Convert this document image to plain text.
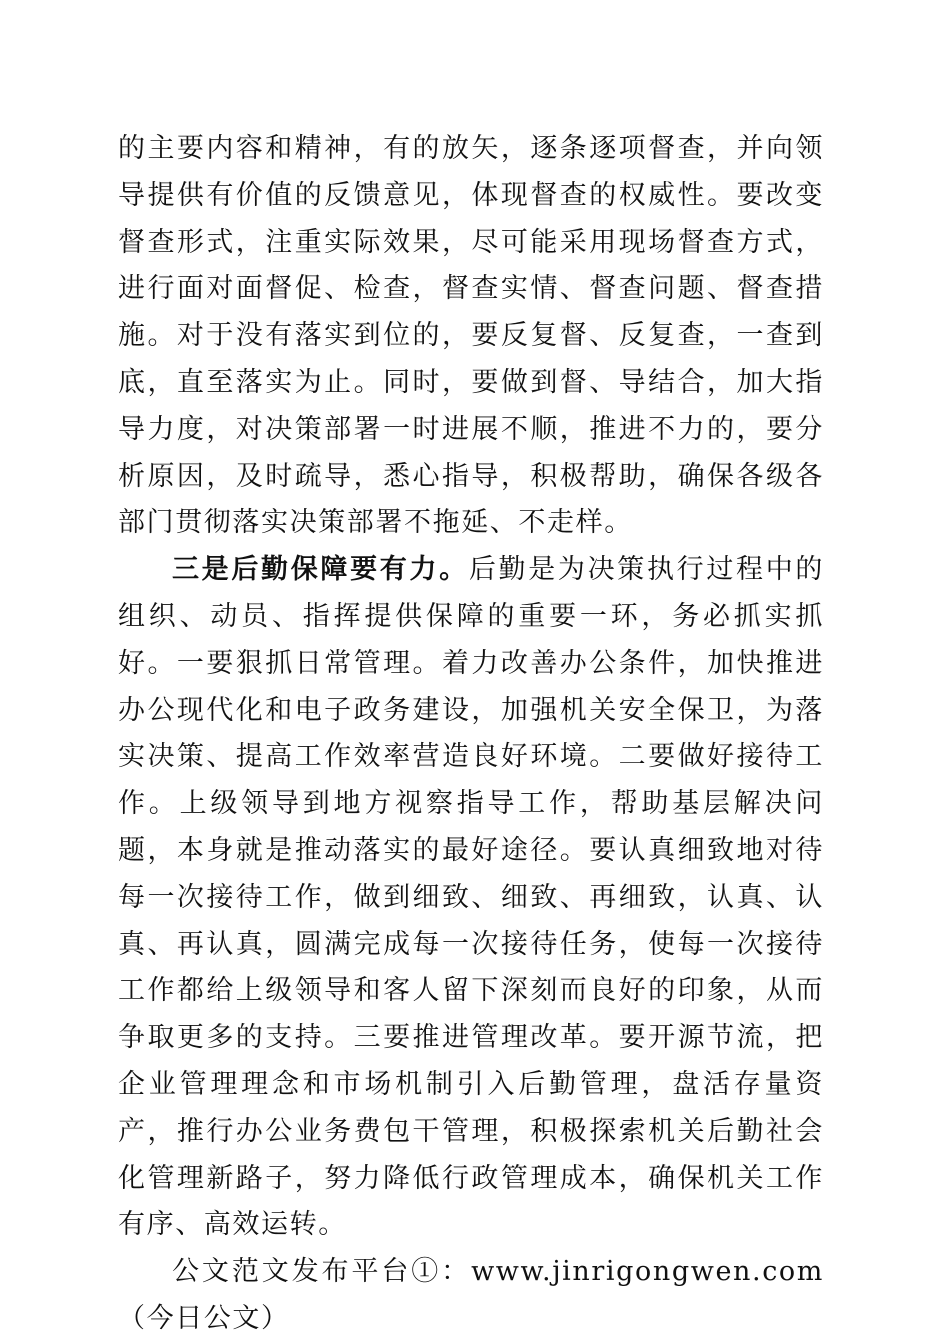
的主要内容和精神，有的放矢，逐条逐项督查，并向领导提供有价值的反馈意见，体现督查的权威性。要改变督查形式，注重实际效果，尽可能采用现场督查方式，进行面对面督促、检查，督查实情、督查问题、督查措施。对于没有落实到位的，要反复督、反复查，一查到底，直至落实为止。同时，要做到督、导结合，加大指导力度，对决策部署一时进展不顺，推进不力的，要分析原因，及时疏导，悉心指导，积极帮助，确保各级各部门贯彻落实决策部署不拖延、不走样。

三是后勤保障要有力。后勤是为决策执行过程中的组织、动员、指挥提供保障的重要一环，务必抓实抓好。一要狠抓日常管理。着力改善办公条件，加快推进办公现代化和电子政务建设，加强机关安全保卫，为落实决策、提高工作效率营造良好环境。二要做好接待工作。上级领导到地方视察指导工作，帮助基层解决问题，本身就是推动落实的最好途径。要认真细致地对待每一次接待工作，做到细致、细致、再细致，认真、认真、再认真，圆满完成每一次接待任务，使每一次接待工作都给上级领导和客人留下深刻而良好的印象，从而争取更多的支持。三要推进管理改革。要开源节流，把企业管理理念和市场机制引入后勤管理，盘活存量资产，推行办公业务费包干管理，积极探索机关后勤社会化管理新路子，努力降低行政管理成本，确保机关工作有序、高效运转。

公文范文发布平台①：www.jinrigongwen.com（今日公文）
